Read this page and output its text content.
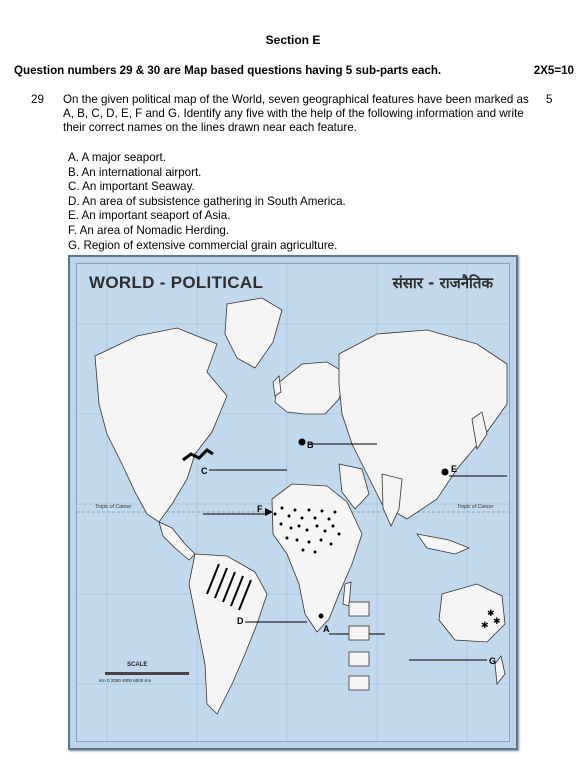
Section E
Question numbers 29 & 30 are Map based questions having 5 sub-parts each.	2X5=10
29 On the given political map of the World, seven geographical features have been marked as A, B, C, D, E, F and G. Identify any five with the help of the following information and write their correct names on the lines drawn near each feature.
5
A. A major seaport.
B. An international airport.
C. An important Seaway.
D. An area of subsistence gathering in South America.
E. An important seaport of Asia.
F. An area of Nomadic Herding.
G. Region of extensive commercial grain agriculture.
✱
✱
✱
C
B
E
F
D
A
G
Tropic of Cancer	Tropic of Cancer
SCALE
Km 0 2000 4000 6000 Km
WORLD - POLITICAL	संसार - राजनैतिक
